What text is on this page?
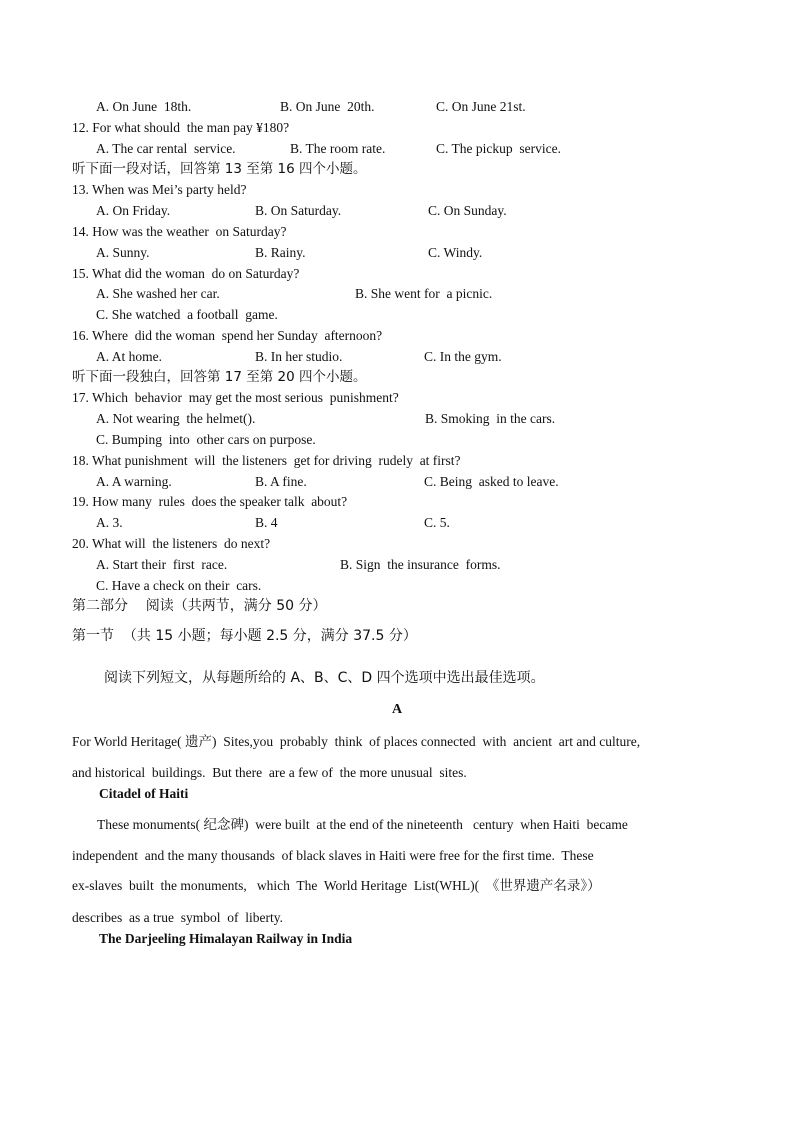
A. On June  18th.	B. On June  20th.	C. On June 21st.
12. For what should  the man pay ¥180?
A. The car rental  service.	B. The room rate.	C. The pickup  service.
听下面一段对话，回答第 13 至第 16 四个小题。
13. When was Mei’s party held?
A. On Friday.	B. On Saturday.	C. On Sunday.
14. How was the weather  on Saturday?
A. Sunny.	B. Rainy.	C. Windy.
15. What did the woman  do on Saturday?
A. She washed her car.	B. She went for  a picnic.
C. She watched  a football  game.
16. Where  did the woman  spend her Sunday  afternoon?
A. At home.	B. In her studio.	C. In the gym.
听下面一段独白，回答第 17 至第 20 四个小题。
17. Which  behavior  may get the most serious  punishment?
A. Not wearing  the helmet().	B. Smoking  in the cars.
C. Bumping  into  other cars on purpose.
18. What punishment  will  the listeners  get for driving  rudely  at first?
A. A warning.	B. A fine.	C. Being  asked to leave.
19. How many  rules  does the speaker talk  about?
A. 3.	B. 4	C. 5.
20. What will  the listeners  do next?
A. Start their  first  race.	B. Sign  the insurance  forms.
C. Have a check on their  cars.
第二部分    阅读（共两节，满分 50 分）
第一节  （共 15 小题；每小题 2.5 分，满分 37.5 分）
阅读下列短文，从每题所给的 A、B、C、D 四个选项中选出最佳选项。
A
For World Heritage( 遗产)  Sites,you  probably  think  of places connected  with  ancient  art and culture,
and historical  buildings.  But there  are a few of  the more unusual  sites.
Citadel of Haiti
These monuments( 纪念碑)  were built  at the end of the nineteenth   century  when Haiti  became
independent  and the many thousands  of black slaves in Haiti were free for the first time.  These
ex-slaves  built  the monuments,   which  The  World Heritage  List(WHL)(  《世界遗产名录》）
describes  as a true  symbol  of  liberty.
The Darjeeling Himalayan Railway in India
